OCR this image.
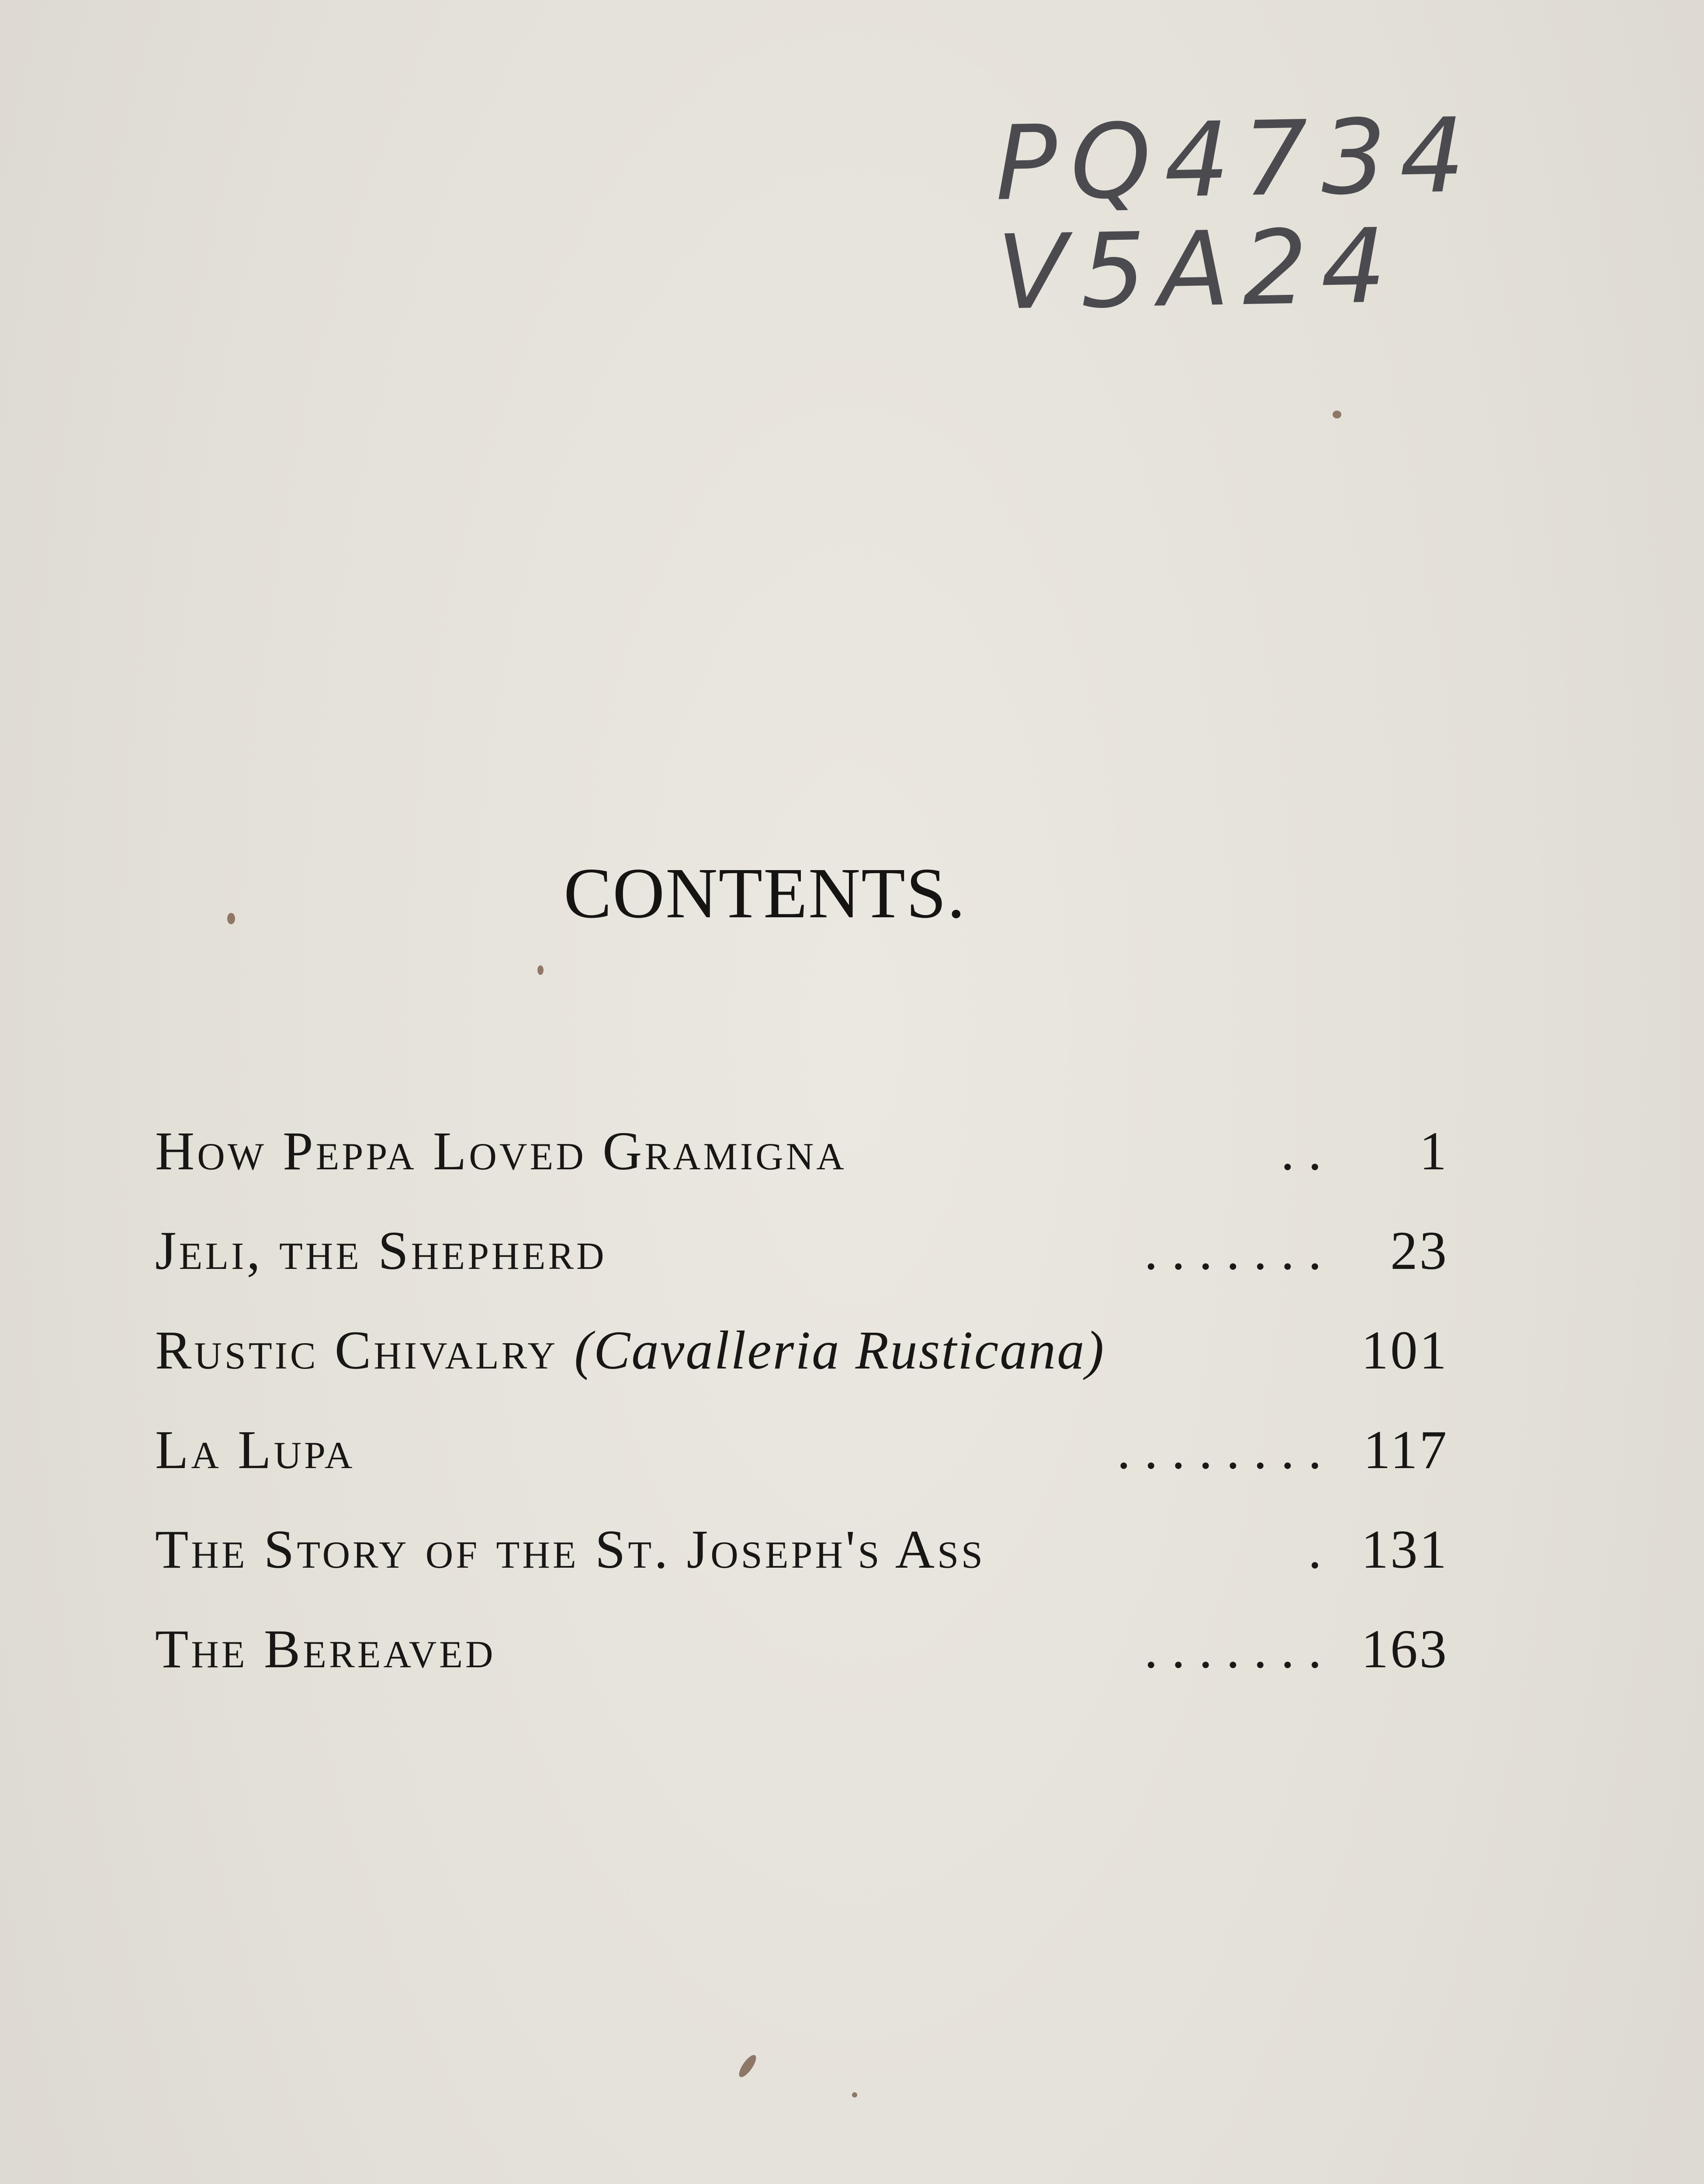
PQ4734
V5A24
CONTENTS.
How Peppa Loved Gramigna	. .	1
Jeli, the Shepherd	. . . . . . .	23
Rustic Chivalry (Cavalleria Rusticana)	101
La Lupa	. . . . . . . . 117
The Story of the St. Joseph's Ass	. 131
The Bereaved	. . . . . . . 163
